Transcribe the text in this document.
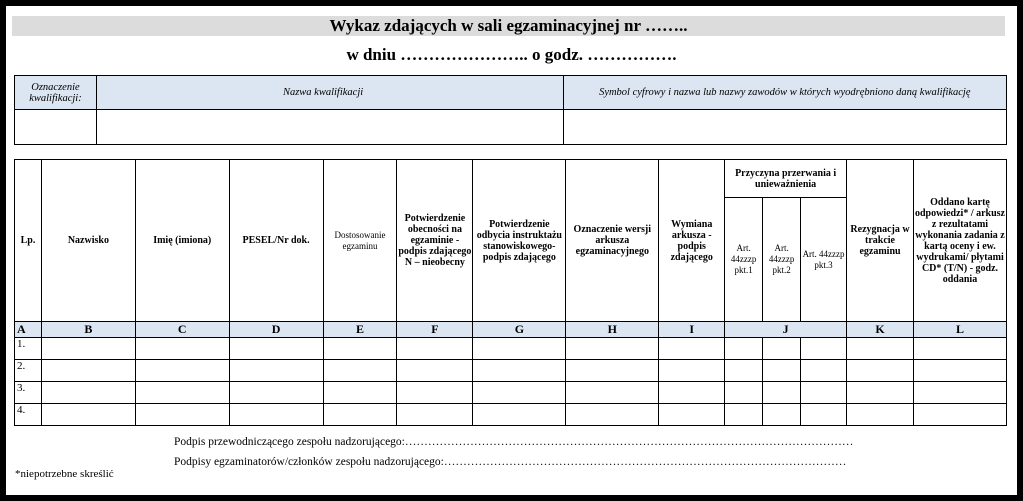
Wykaz zdających w sali egzaminacyjnej nr ……..
w dniu ………………….. o godz. …………….
Oznaczenie kwalifikacji:	Nazwa kwalifikacji	Symbol cyfrowy i nazwa lub nazwy zawodów w których wyodrębniono daną kwalifikację

Lp.	Nazwisko	Imię (imiona)	PESEL/Nr dok.	Dostosowanie egzaminu	Potwierdzenie obecności na egzaminie - podpis zdającego N – nieobecny	Potwierdzenie odbycia instruktażu stanowiskowego- podpis zdającego	Oznaczenie wersji arkusza egzaminacyjnego	Wymiana arkusza - podpis zdającego	Przyczyna przerwania i unieważnienia			Rezygnacja w trakcie egzaminu	Oddano kartę odpowiedzi* / arkusz z rezultatami wykonania zadania z kartą oceny i ew. wydrukami/ płytami CD* (T/N) - godz. oddania
									Art. 44zzzp pkt.1	Art. 44zzzp pkt.2	Art. 44zzzp pkt.3		
A	B	C	D	E	F	G	H	I	J			K	L
1.													
2.													
3.													
4.													
Podpis przewodniczącego zespołu nadzorującego:………………………………………………………………………………………………………
Podpisy egzaminatorów/członków zespołu nadzorującego:……………………………………………………………………………………………
*niepotrzebne skreślić
